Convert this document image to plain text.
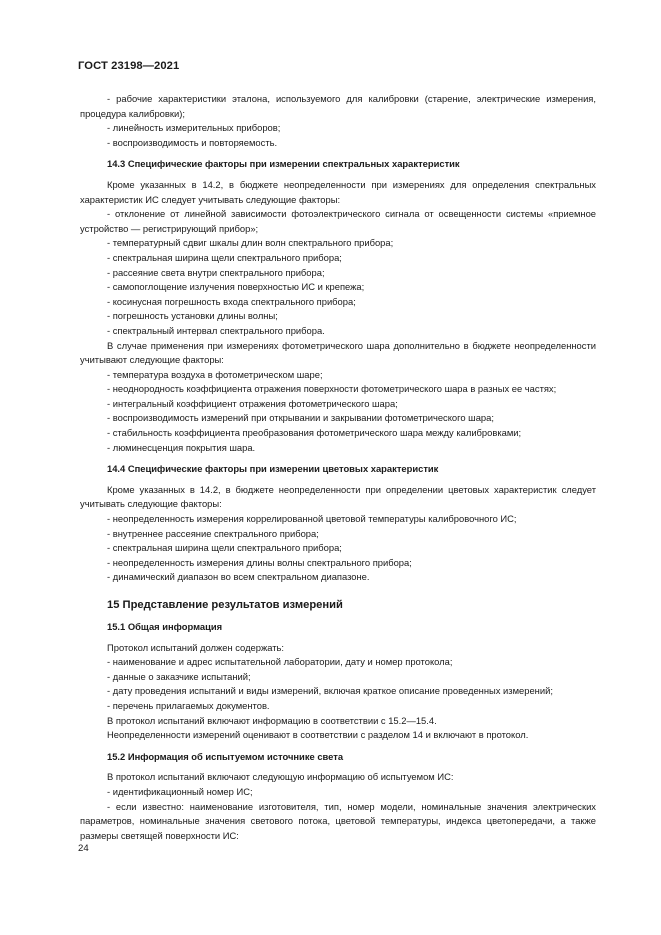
ГОСТ 23198—2021

- рабочие характеристики эталона, используемого для калибровки (старение, электрические измерения, процедура калибровки);

- линейность измерительных приборов;

- воспроизводимость и повторяемость.

14.3 Специфические факторы при измерении спектральных характеристик

Кроме указанных в 14.2, в бюджете неопределенности при измерениях для определения спектральных характеристик ИС следует учитывать следующие факторы:

- отклонение от линейной зависимости фотоэлектрического сигнала от освещенности системы «приемное устройство — регистрирующий прибор»;

- температурный сдвиг шкалы длин волн спектрального прибора;

- спектральная ширина щели спектрального прибора;

- рассеяние света внутри спектрального прибора;

- самопоглощение излучения поверхностью ИС и крепежа;

- косинусная погрешность входа спектрального прибора;

- погрешность установки длины волны;

- спектральный интервал спектрального прибора.

В случае применения при измерениях фотометрического шара дополнительно в бюджете неопределенности учитывают следующие факторы:

- температура воздуха в фотометрическом шаре;

- неоднородность коэффициента отражения поверхности фотометрического шара в разных ее частях;

- интегральный коэффициент отражения фотометрического шара;

- воспроизводимость измерений при открывании и закрывании фотометрического шара;

- стабильность коэффициента преобразования фотометрического шара между калибровками;

- люминесценция покрытия шара.

14.4 Специфические факторы при измерении цветовых характеристик

Кроме указанных в 14.2, в бюджете неопределенности при определении цветовых характеристик следует учитывать следующие факторы:

- неопределенность измерения коррелированной цветовой температуры калибровочного ИС;

- внутреннее рассеяние спектрального прибора;

- спектральная ширина щели спектрального прибора;

- неопределенность измерения длины волны спектрального прибора;

- динамический диапазон во всем спектральном диапазоне.

15 Представление результатов измерений

15.1 Общая информация

Протокол испытаний должен содержать:

- наименование и адрес испытательной лаборатории, дату и номер протокола;

- данные о заказчике испытаний;

- дату проведения испытаний и виды измерений, включая краткое описание проведенных измерений;

- перечень прилагаемых документов.

В протокол испытаний включают информацию в соответствии с 15.2—15.4.

Неопределенности измерений оценивают в соответствии с разделом 14 и включают в протокол.

15.2 Информация об испытуемом источнике света

В протокол испытаний включают следующую информацию об испытуемом ИС:

- идентификационный номер ИС;

- если известно: наименование изготовителя, тип, номер модели, номинальные значения электрических параметров, номинальные значения светового потока, цветовой температуры, индекса цветопередачи, а также размеры светящей поверхности ИС:

24
